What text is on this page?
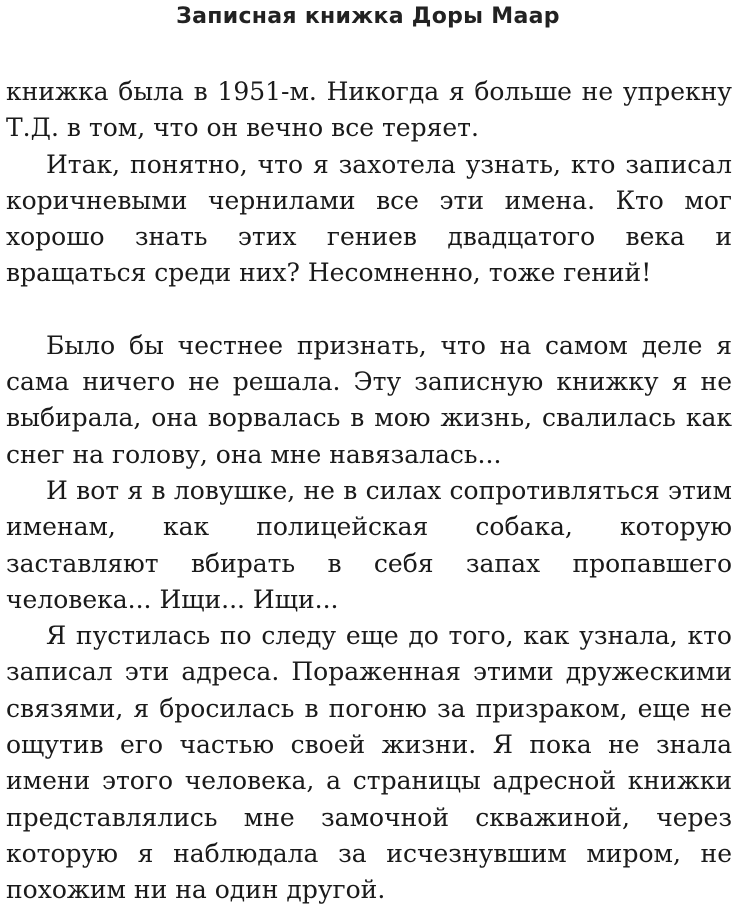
Записная книжка Доры Маар

книжка была в 1951-м. Никогда я больше не упрекну Т.Д. в том, что он вечно все теряет.

Итак, понятно, что я захотела узнать, кто записал коричневыми чернилами все эти имена. Кто мог хорошо знать этих гениев двадцатого века и вращаться среди них? Несомненно, тоже гений!

Было бы честнее признать, что на самом деле я сама ничего не решала. Эту записную книжку я не выбирала, она ворвалась в мою жизнь, свалилась как снег на голову, она мне навязалась...

И вот я в ловушке, не в силах сопротивляться этим именам, как полицейская собака, которую заставляют вбирать в себя запах пропавшего человека... Ищи... Ищи...

Я пустилась по следу еще до того, как узнала, кто записал эти адреса. Пораженная этими дружескими связями, я бросилась в погоню за призраком, еще не ощутив его частью своей жизни. Я пока не знала имени этого человека, а страницы адресной книжки представлялись мне замочной скважиной, через которую я наблюдала за исчезнувшим миром, не похожим ни на один другой.
